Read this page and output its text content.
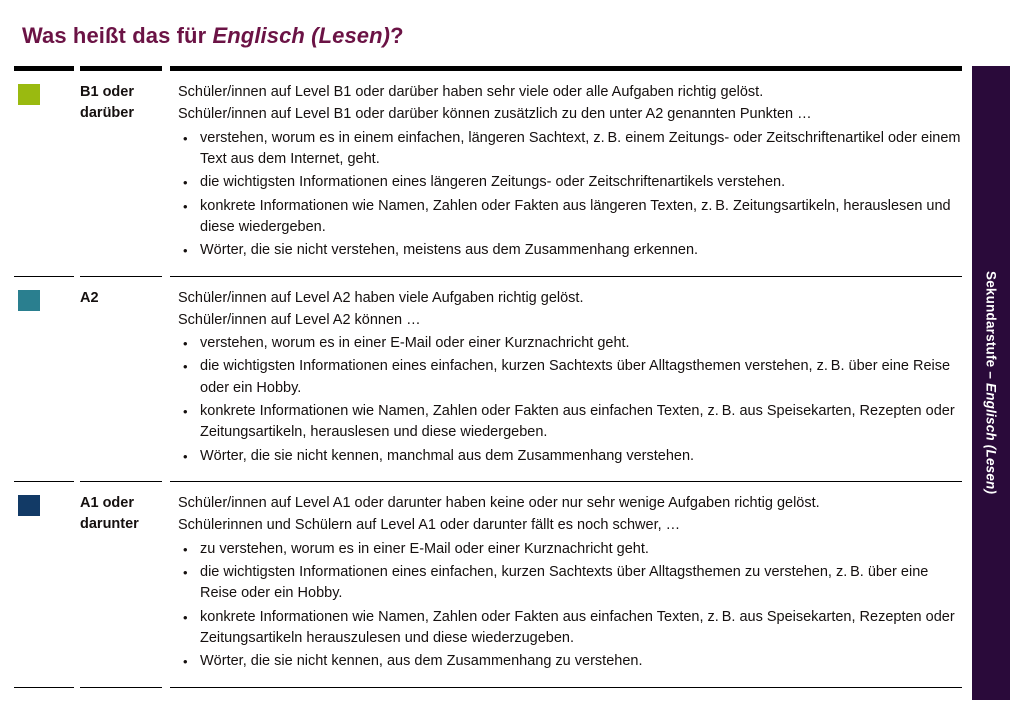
Was heißt das für Englisch (Lesen)?
B1 oder
darüber

Schüler/innen auf Level B1 oder darüber haben sehr viele oder alle Aufgaben richtig gelöst.

Schüler/innen auf Level B1 oder darüber können zusätzlich zu den unter A2 genannten Punkten …

• verstehen, worum es in einem einfachen, längeren Sachtext, z. B. einem Zeitungs- oder Zeitschriftenartikel oder einem Text aus dem Internet, geht.
• die wichtigsten Informationen eines längeren Zeitungs- oder Zeitschriftenartikels verstehen.
• konkrete Informationen wie Namen, Zahlen oder Fakten aus längeren Texten, z. B. Zeitungsartikeln, herauslesen und diese wiedergeben.
• Wörter, die sie nicht verstehen, meistens aus dem Zusammenhang erkennen.
A2	Schüler/innen auf Level A2 haben viele Aufgaben richtig gelöst.

Schüler/innen auf Level A2 können …

• verstehen, worum es in einer E-Mail oder einer Kurznachricht geht.
• die wichtigsten Informationen eines einfachen, kurzen Sachtexts über Alltagsthemen verstehen, z. B. über eine Reise oder ein Hobby.
• konkrete Informationen wie Namen, Zahlen oder Fakten aus einfachen Texten, z. B. aus Speisekarten, Rezepten oder Zeitungsartikeln, herauslesen und diese wiedergeben.
• Wörter, die sie nicht kennen, manchmal aus dem Zusammenhang verstehen.
A1 oder
darunter

Schüler/innen auf Level A1 oder darunter haben keine oder nur sehr wenige Aufgaben richtig gelöst.

Schülerinnen und Schülern auf Level A1 oder darunter fällt es noch schwer, …

• zu verstehen, worum es in einer E-Mail oder einer Kurznachricht geht.
• die wichtigsten Informationen eines einfachen, kurzen Sachtexts über Alltagsthemen zu verstehen, z. B. über eine Reise oder ein Hobby.
• konkrete Informationen wie Namen, Zahlen oder Fakten aus einfachen Texten, z. B. aus Speisekarten, Rezepten oder Zeitungsartikeln herauszulesen und diese wiederzugeben.
• Wörter, die sie nicht kennen, aus dem Zusammenhang zu verstehen.
Sekundarstufe – Englisch (Lesen)
